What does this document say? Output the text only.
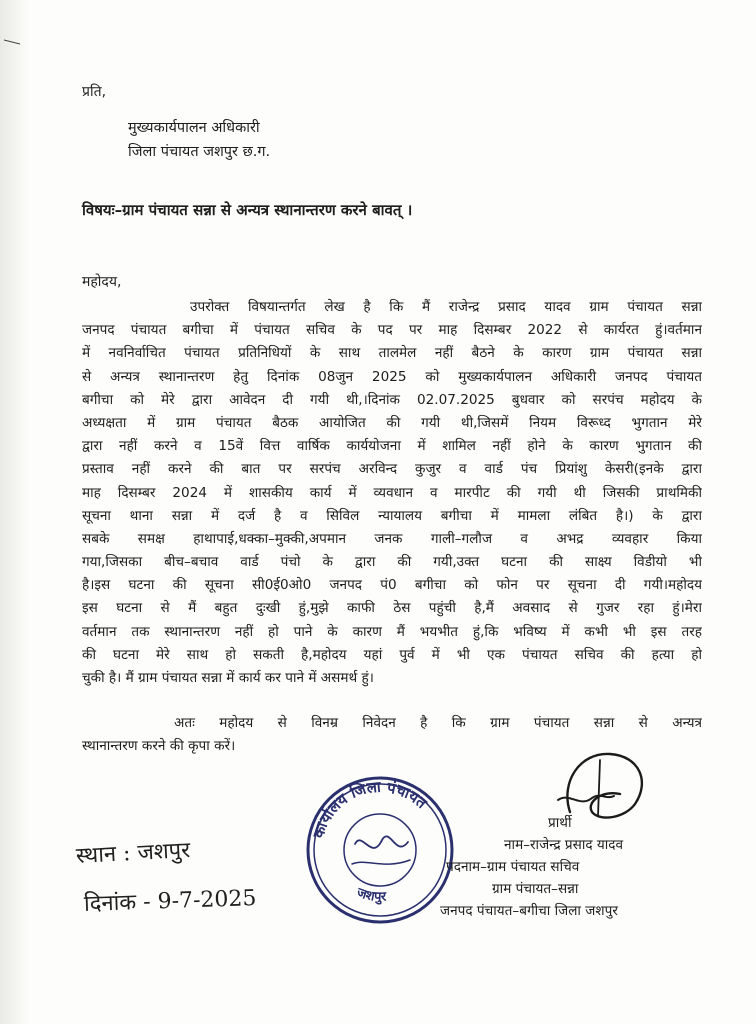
प्रति,
मुख्यकार्यपालन अधिकारी
जिला पंचायत जशपुर छ.ग.
विषयः–ग्राम पंचायत सन्ना से अन्यत्र स्थानान्तरण करने बावत् ।
महोदय,
उपरोक्त विषयान्तर्गत लेख है कि मैं राजेन्द्र प्रसाद यादव ग्राम पंचायत सन्ना
जनपद पंचायत बगीचा में पंचायत सचिव के पद पर माह दिसम्बर 2022 से कार्यरत हुं।वर्तमान
में नवनिर्वाचित पंचायत प्रतिनिधियों के साथ तालमेल नहीं बैठने के कारण ग्राम पंचायत सन्ना
से अन्यत्र स्थानान्तरण हेतु दिनांक 08जुन 2025 को मुख्यकार्यपालन अधिकारी जनपद पंचायत
बगीचा को मेरे द्वारा आवेदन दी गयी थी,।दिनांक 02.07.2025 बुधवार को सरपंच महोदय के
अध्यक्षता में ग्राम पंचायत बैठक आयोजित की गयी थी,जिसमें नियम विरूध्द भुगतान मेरे
द्वारा नहीं करने व 15वें वित्त वार्षिक कार्ययोजना में शामिल नहीं होने के कारण भुगतान की
प्रस्ताव नहीं करने की बात पर सरपंच अरविन्द कुजुर व वार्ड पंच प्रियांशु केसरी(इनके द्वारा
माह दिसम्बर 2024 में शासकीय कार्य में व्यवधान व मारपीट की गयी थी जिसकी प्राथमिकी
सूचना थाना सन्ना में दर्ज है व सिविल न्यायालय बगीचा में मामला लंबित है।) के द्वारा
सबके समक्ष हाथापाई,धक्का–मुक्की,अपमान जनक गाली–गलौज व अभद्र व्यवहार किया
गया,जिसका बीच–बचाव वार्ड पंचो के द्वारा की गयी,उक्त घटना की साक्ष्य विडीयो भी
है।इस घटना की सूचना सी0ई0ओ0 जनपद पं0 बगीचा को फोन पर सूचना दी गयी।महोदय
इस घटना से मैं बहुत दुःखी हुं,मुझे काफी ठेस पहुंची है,मैं अवसाद से गुजर रहा हुं।मेरा
वर्तमान तक स्थानान्तरण नहीं हो पाने के कारण मैं भयभीत हुं,कि भविष्य में कभी भी इस तरह
की घटना मेरे साथ हो सकती है,महोदय यहां पुर्व में भी एक पंचायत सचिव की हत्या हो
चुकी है। मैं ग्राम पंचायत सन्ना में कार्य कर पाने में असमर्थ हुं।
अतः महोदय से विनम्र निवेदन है कि ग्राम पंचायत सन्ना से अन्यत्र
स्थानान्तरण करने की कृपा करें।
कार्यालय जिला पंचायत
जशपुर
प्रार्थी
नाम–राजेन्द्र प्रसाद यादव
पदनाम–ग्राम पंचायत सचिव
ग्राम पंचायत–सन्ना
जनपद पंचायत–बगीचा जिला जशपुर
स्थान : जशपुर
दिनांक - 9-7-2025
